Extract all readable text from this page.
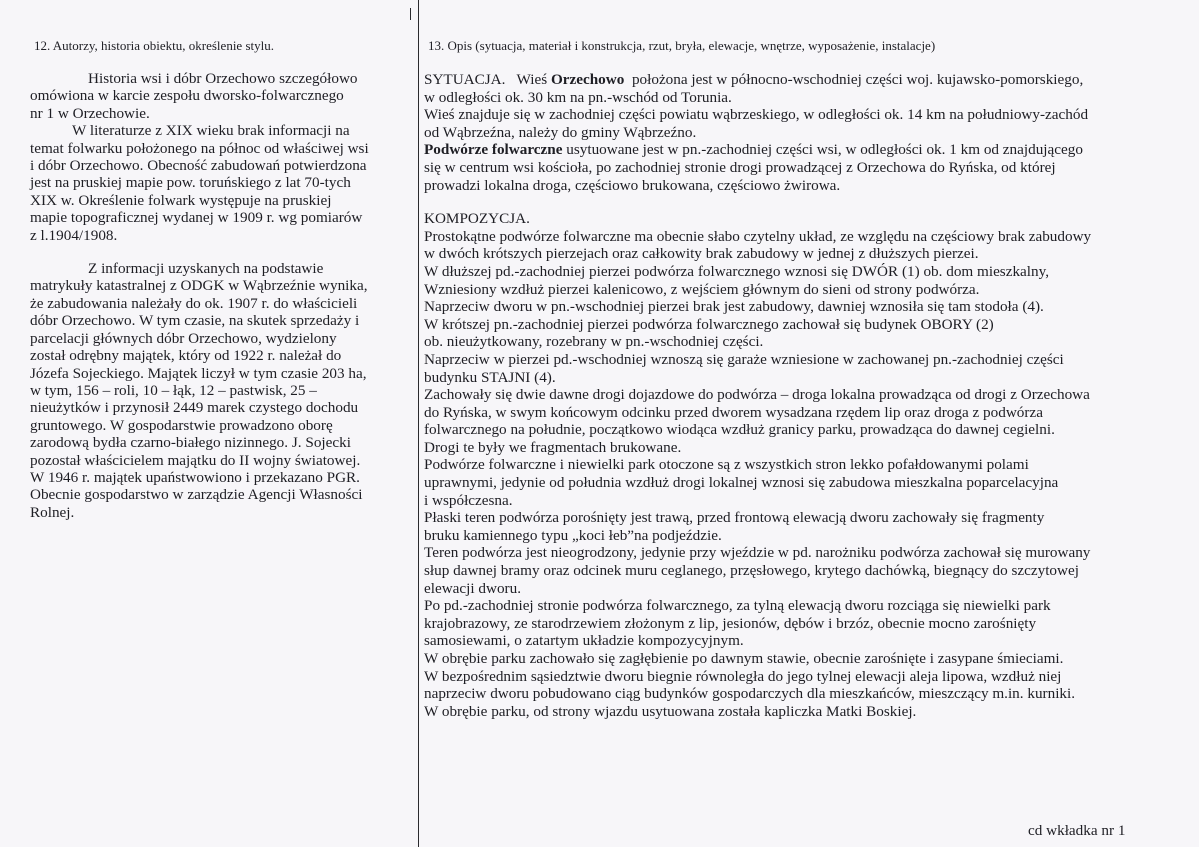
12. Autorzy, historia obiektu, określenie stylu.

Historia wsi i dóbr Orzechowo szczegółowo

omówiona w karcie zespołu dworsko-folwarcznego

nr 1 w Orzechowie.

W literaturze z XIX wieku brak informacji na

temat folwarku położonego na północ od właściwej wsi

i dóbr Orzechowo. Obecność zabudowań potwierdzona

jest na pruskiej mapie pow. toruńskiego z lat 70-tych

XIX w. Określenie folwark występuje na pruskiej

mapie topograficznej wydanej w 1909 r. wg pomiarów

z l.1904/1908.

Z informacji uzyskanych na podstawie

matrykuły katastralnej z ODGK w Wąbrzeźnie wynika,

że zabudowania należały do ok. 1907 r. do właścicieli

dóbr Orzechowo. W tym czasie, na skutek sprzedaży i

parcelacji głównych dóbr Orzechowo, wydzielony

został odrębny majątek, który od 1922 r. należał do

Józefa Sojeckiego. Majątek liczył w tym czasie 203 ha,

w tym, 156 – roli, 10 – łąk, 12 – pastwisk, 25 –

nieużytków i przynosił 2449 marek czystego dochodu

gruntowego. W gospodarstwie prowadzono oborę

zarodową bydła czarno-białego nizinnego. J. Sojecki

pozostał właścicielem majątku do II wojny światowej.

W 1946 r. majątek upaństwowiono i przekazano PGR.

Obecnie gospodarstwo w zarządzie Agencji Własności

Rolnej.

13. Opis (sytuacja, materiał i konstrukcja, rzut, bryła, elewacje, wnętrze, wyposażenie, instalacje)

SYTUACJA.   Wieś Orzechowo  położona jest w północno-wschodniej części woj. kujawsko-pomorskiego,

w odległości ok. 30 km na pn.-wschód od Torunia.

Wieś znajduje się w zachodniej części powiatu wąbrzeskiego, w odległości ok. 14 km na południowy-zachód

od Wąbrzeźna, należy do gminy Wąbrzeźno.

Podwórze folwarczne usytuowane jest w pn.-zachodniej części wsi, w odległości ok. 1 km od znajdującego

się w centrum wsi kościoła, po zachodniej stronie drogi prowadzącej z Orzechowa do Ryńska, od której

prowadzi lokalna droga, częściowo brukowana, częściowo żwirowa.

KOMPOZYCJA.

Prostokątne podwórze folwarczne ma obecnie słabo czytelny układ, ze względu na częściowy brak zabudowy

w dwóch krótszych pierzejach oraz całkowity brak zabudowy w jednej z dłuższych pierzei.

W dłuższej pd.-zachodniej pierzei podwórza folwarcznego wznosi się DWÓR (1) ob. dom mieszkalny,

Wzniesiony wzdłuż pierzei kalenicowo, z wejściem głównym do sieni od strony podwórza.

Naprzeciw dworu w pn.-wschodniej pierzei brak jest zabudowy, dawniej wznosiła się tam stodoła (4).

W krótszej pn.-zachodniej pierzei podwórza folwarcznego zachował się budynek OBORY (2)

ob. nieużytkowany, rozebrany w pn.-wschodniej części.

Naprzeciw w pierzei pd.-wschodniej wznoszą się garaże wzniesione w zachowanej pn.-zachodniej części

budynku STAJNI (4).

Zachowały się dwie dawne drogi dojazdowe do podwórza – droga lokalna prowadząca od drogi z Orzechowa

do Ryńska, w swym końcowym odcinku przed dworem wysadzana rzędem lip oraz droga z podwórza

folwarcznego na południe, początkowo wiodąca wzdłuż granicy parku, prowadząca do dawnej cegielni.

Drogi te były we fragmentach brukowane.

Podwórze folwarczne i niewielki park otoczone są z wszystkich stron lekko pofałdowanymi polami

uprawnymi, jedynie od południa wzdłuż drogi lokalnej wznosi się zabudowa mieszkalna poparcelacyjna

i współczesna.

Płaski teren podwórza porośnięty jest trawą, przed frontową elewacją dworu zachowały się fragmenty

bruku kamiennego typu „koci łeb”na podjeździe.

Teren podwórza jest nieogrodzony, jedynie przy wjeździe w pd. narożniku podwórza zachował się murowany

słup dawnej bramy oraz odcinek muru ceglanego, przęsłowego, krytego dachówką, biegnący do szczytowej

elewacji dworu.

Po pd.-zachodniej stronie podwórza folwarcznego, za tylną elewacją dworu rozciąga się niewielki park

krajobrazowy, ze starodrzewiem złożonym z lip, jesionów, dębów i brzóz, obecnie mocno zarośnięty

samosiewami, o zatartym układzie kompozycyjnym.

W obrębie parku zachowało się zagłębienie po dawnym stawie, obecnie zarośnięte i zasypane śmieciami.

W bezpośrednim sąsiedztwie dworu biegnie równoległa do jego tylnej elewacji aleja lipowa, wzdłuż niej

naprzeciw dworu pobudowano ciąg budynków gospodarczych dla mieszkańców, mieszczący m.in. kurniki.

W obrębie parku, od strony wjazdu usytuowana została kapliczka Matki Boskiej.

cd wkładka nr 1
